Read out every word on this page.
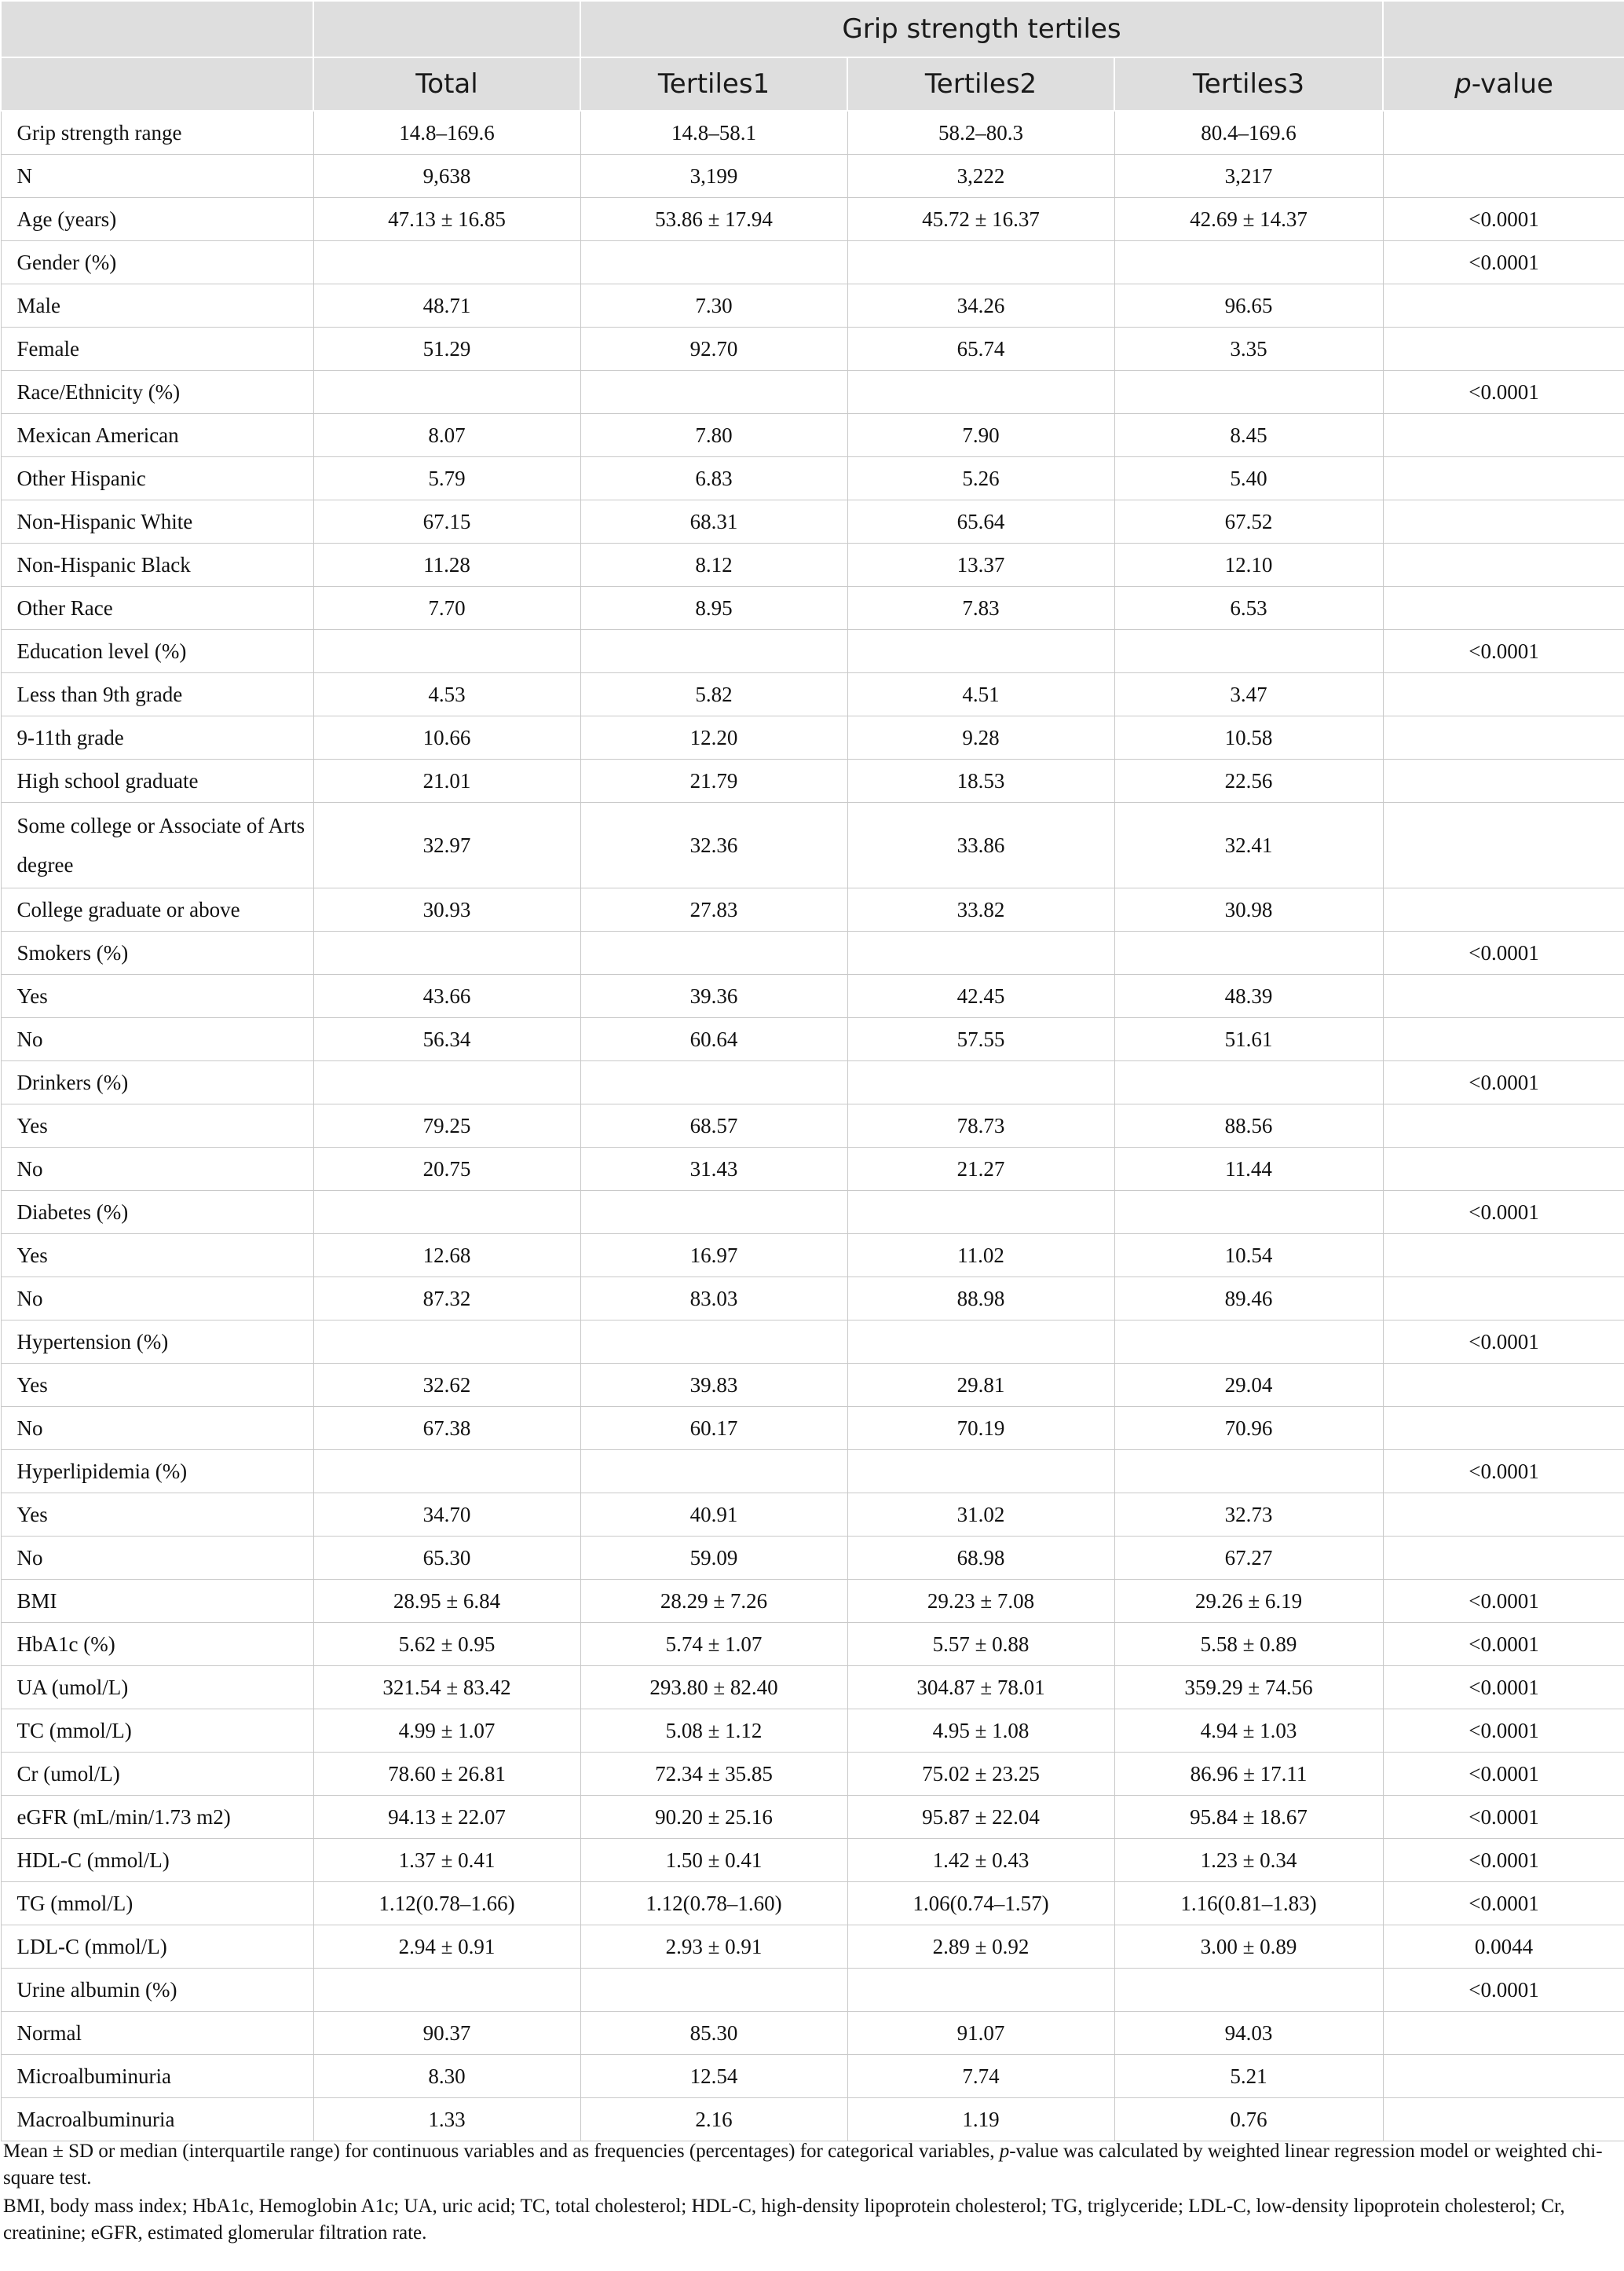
		Grip strength tertiles			
	Total	Tertiles1	Tertiles2	Tertiles3	p-value
Grip strength range	14.8–169.6	14.8–58.1	58.2–80.3	80.4–169.6	
N	9,638	3,199	3,222	3,217	
Age (years)	47.13 ± 16.85	53.86 ± 17.94	45.72 ± 16.37	42.69 ± 14.37	<0.0001
Gender (%)					<0.0001
Male	48.71	7.30	34.26	96.65	
Female	51.29	92.70	65.74	3.35	
Race/Ethnicity (%)					<0.0001
Mexican American	8.07	7.80	7.90	8.45	
Other Hispanic	5.79	6.83	5.26	5.40	
Non-Hispanic White	67.15	68.31	65.64	67.52	
Non-Hispanic Black	11.28	8.12	13.37	12.10	
Other Race	7.70	8.95	7.83	6.53	
Education level (%)					<0.0001
Less than 9th grade	4.53	5.82	4.51	3.47	
9-11th grade	10.66	12.20	9.28	10.58	
High school graduate	21.01	21.79	18.53	22.56	
Some college or Associate of Arts degree	32.97	32.36	33.86	32.41	
College graduate or above	30.93	27.83	33.82	30.98	
Smokers (%)					<0.0001
Yes	43.66	39.36	42.45	48.39	
No	56.34	60.64	57.55	51.61	
Drinkers (%)					<0.0001
Yes	79.25	68.57	78.73	88.56	
No	20.75	31.43	21.27	11.44	
Diabetes (%)					<0.0001
Yes	12.68	16.97	11.02	10.54	
No	87.32	83.03	88.98	89.46	
Hypertension (%)					<0.0001
Yes	32.62	39.83	29.81	29.04	
No	67.38	60.17	70.19	70.96	
Hyperlipidemia (%)					<0.0001
Yes	34.70	40.91	31.02	32.73	
No	65.30	59.09	68.98	67.27	
BMI	28.95 ± 6.84	28.29 ± 7.26	29.23 ± 7.08	29.26 ± 6.19	<0.0001
HbA1c (%)	5.62 ± 0.95	5.74 ± 1.07	5.57 ± 0.88	5.58 ± 0.89	<0.0001
UA (umol/L)	321.54 ± 83.42	293.80 ± 82.40	304.87 ± 78.01	359.29 ± 74.56	<0.0001
TC (mmol/L)	4.99 ± 1.07	5.08 ± 1.12	4.95 ± 1.08	4.94 ± 1.03	<0.0001
Cr (umol/L)	78.60 ± 26.81	72.34 ± 35.85	75.02 ± 23.25	86.96 ± 17.11	<0.0001
eGFR (mL/min/1.73 m2)	94.13 ± 22.07	90.20 ± 25.16	95.87 ± 22.04	95.84 ± 18.67	<0.0001
HDL-C (mmol/L)	1.37 ± 0.41	1.50 ± 0.41	1.42 ± 0.43	1.23 ± 0.34	<0.0001
TG (mmol/L)	1.12(0.78–1.66)	1.12(0.78–1.60)	1.06(0.74–1.57)	1.16(0.81–1.83)	<0.0001
LDL-C (mmol/L)	2.94 ± 0.91	2.93 ± 0.91	2.89 ± 0.92	3.00 ± 0.89	0.0044
Urine albumin (%)					<0.0001
Normal	90.37	85.30	91.07	94.03	
Microalbuminuria	8.30	12.54	7.74	5.21	
Macroalbuminuria	1.33	2.16	1.19	0.76	

Mean ± SD or median (interquartile range) for continuous variables and as frequencies (percentages) for categorical variables, p-value was calculated by weighted linear regression model or weighted chi-square test.

BMI, body mass index; HbA1c, Hemoglobin A1c; UA, uric acid; TC, total cholesterol; HDL-C, high-density lipoprotein cholesterol; TG, triglyceride; LDL-C, low-density lipoprotein cholesterol; Cr, creatinine; eGFR, estimated glomerular filtration rate.
